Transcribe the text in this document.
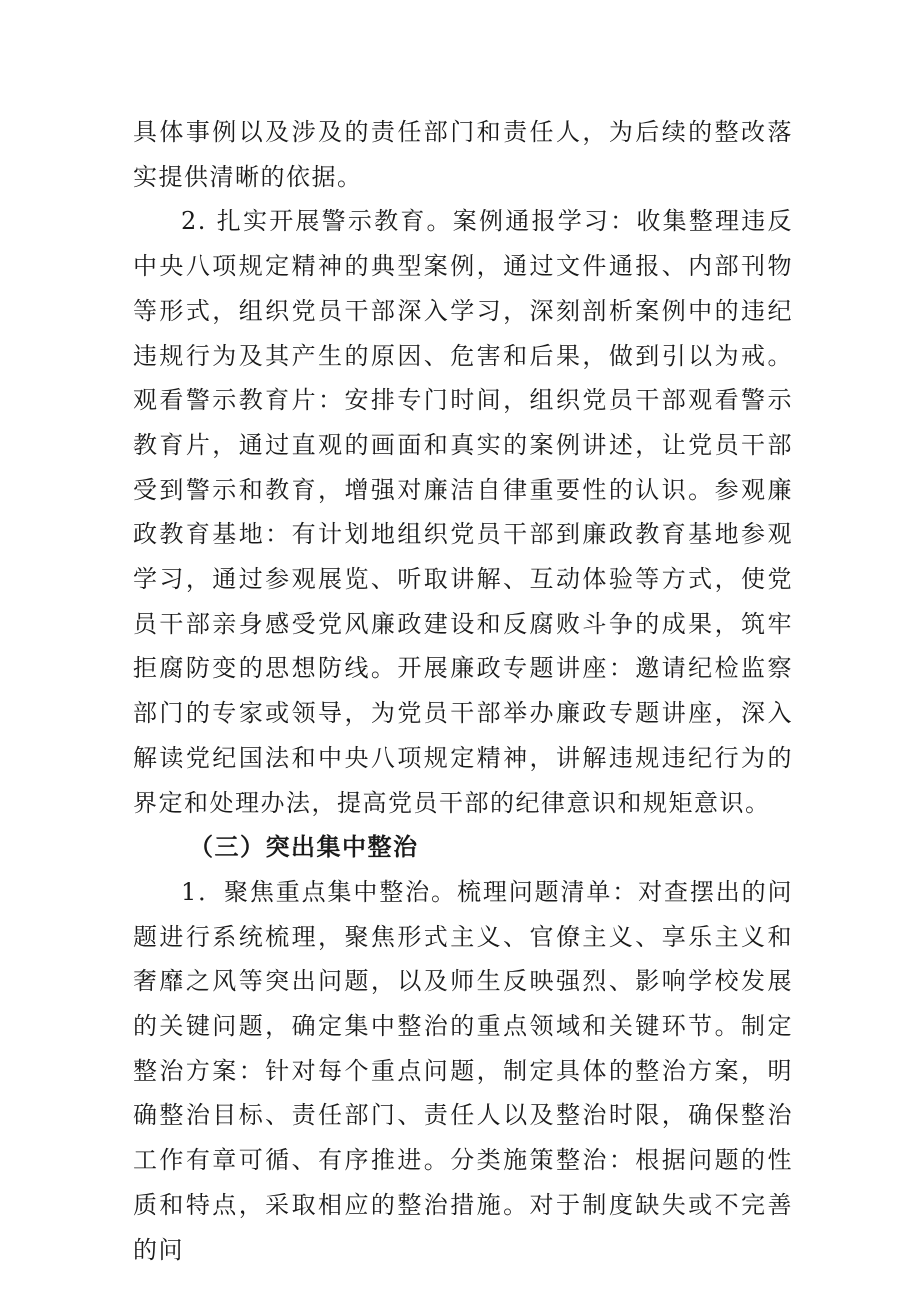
具体事例以及涉及的责任部门和责任人，为后续的整改落实提供清晰的依据。

2. 扎实开展警示教育。案例通报学习：收集整理违反中央八项规定精神的典型案例，通过文件通报、内部刊物等形式，组织党员干部深入学习，深刻剖析案例中的违纪违规行为及其产生的原因、危害和后果，做到引以为戒。观看警示教育片：安排专门时间，组织党员干部观看警示教育片，通过直观的画面和真实的案例讲述，让党员干部受到警示和教育，增强对廉洁自律重要性的认识。参观廉政教育基地：有计划地组织党员干部到廉政教育基地参观学习，通过参观展览、听取讲解、互动体验等方式，使党员干部亲身感受党风廉政建设和反腐败斗争的成果，筑牢拒腐防变的思想防线。开展廉政专题讲座：邀请纪检监察部门的专家或领导，为党员干部举办廉政专题讲座，深入解读党纪国法和中央八项规定精神，讲解违规违纪行为的界定和处理办法，提高党员干部的纪律意识和规矩意识。

（三）突出集中整治

1．聚焦重点集中整治。梳理问题清单：对查摆出的问题进行系统梳理，聚焦形式主义、官僚主义、享乐主义和奢靡之风等突出问题，以及师生反映强烈、影响学校发展的关键问题，确定集中整治的重点领域和关键环节。制定整治方案：针对每个重点问题，制定具体的整治方案，明确整治目标、责任部门、责任人以及整治时限，确保整治工作有章可循、有序推进。分类施策整治：根据问题的性质和特点，采取相应的整治措施。对于制度缺失或不完善的问
